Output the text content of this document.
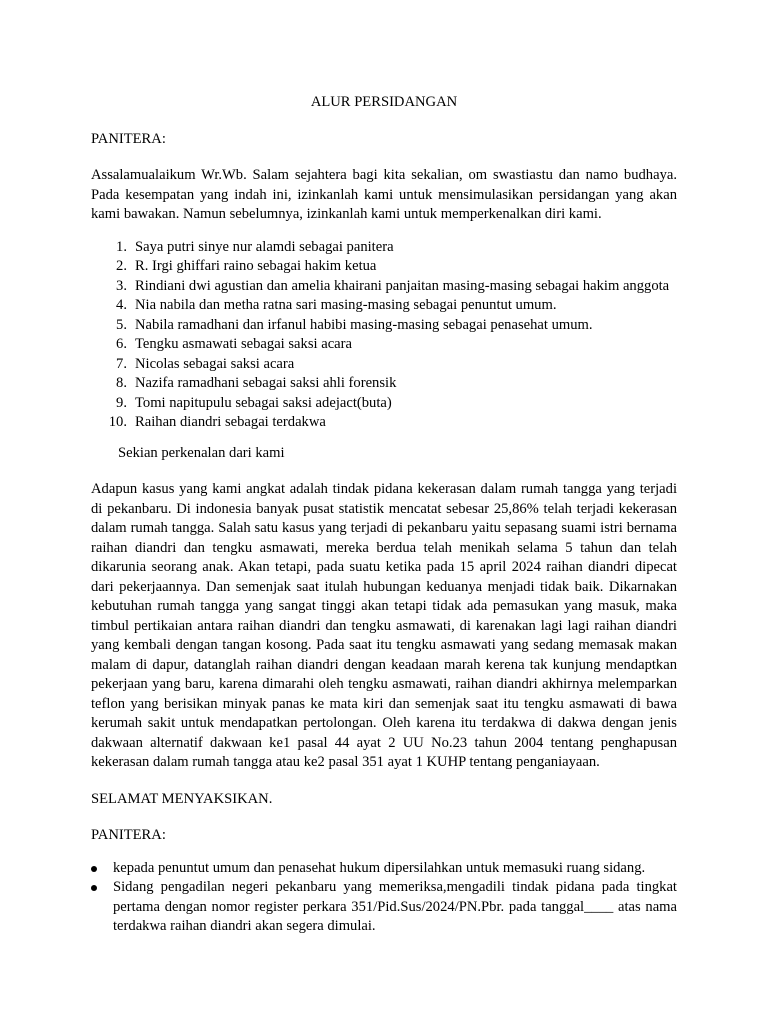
ALUR PERSIDANGAN

PANITERA:

Assalamualaikum Wr.Wb. Salam sejahtera bagi kita sekalian, om swastiastu dan namo budhaya. Pada kesempatan yang indah ini, izinkanlah kami untuk mensimulasikan persidangan yang akan kami bawakan. Namun sebelumnya, izinkanlah kami untuk memperkenalkan diri kami.

1. Saya putri sinye nur alamdi sebagai panitera
2. R. Irgi ghiffari raino sebagai hakim ketua
3. Rindiani dwi agustian dan amelia khairani panjaitan masing-masing sebagai hakim anggota
4. Nia nabila dan metha ratna sari masing-masing sebagai penuntut umum.
5. Nabila ramadhani dan irfanul habibi masing-masing sebagai penasehat umum.
6. Tengku asmawati sebagai saksi acara
7. Nicolas sebagai saksi acara
8. Nazifa ramadhani sebagai saksi ahli forensik
9. Tomi napitupulu sebagai saksi adejact(buta)
10. Raihan diandri sebagai terdakwa

Sekian perkenalan dari kami

Adapun kasus yang kami angkat adalah tindak pidana kekerasan dalam rumah tangga yang terjadi di pekanbaru. Di indonesia banyak pusat statistik mencatat sebesar 25,86% telah terjadi kekerasan dalam rumah tangga. Salah satu kasus yang terjadi di pekanbaru yaitu sepasang suami istri bernama raihan diandri dan tengku asmawati, mereka berdua telah menikah selama 5 tahun dan telah dikarunia seorang anak. Akan tetapi, pada suatu ketika pada 15 april 2024 raihan diandri dipecat dari pekerjaannya. Dan semenjak saat itulah hubungan keduanya menjadi tidak baik. Dikarnakan kebutuhan rumah tangga yang sangat tinggi akan tetapi tidak ada pemasukan yang masuk, maka timbul pertikaian antara raihan diandri dan tengku asmawati, di karenakan lagi lagi raihan diandri yang kembali dengan tangan kosong. Pada saat itu tengku asmawati yang sedang memasak makan malam di dapur, datanglah raihan diandri dengan keadaan marah kerena tak kunjung mendaptkan pekerjaan yang baru, karena dimarahi oleh tengku asmawati, raihan diandri akhirnya melemparkan teflon yang berisikan minyak panas ke mata kiri dan semenjak saat itu tengku asmawati di bawa kerumah sakit untuk mendapatkan pertolongan. Oleh karena itu terdakwa di dakwa dengan jenis dakwaan alternatif dakwaan ke1 pasal 44 ayat 2 UU No.23 tahun 2004 tentang penghapusan kekerasan dalam rumah tangga atau ke2 pasal 351 ayat 1 KUHP tentang penganiayaan.

SELAMAT MENYAKSIKAN.

PANITERA:

kepada penuntut umum dan penasehat hukum dipersilahkan untuk memasuki ruang sidang.
Sidang pengadilan negeri pekanbaru yang memeriksa,mengadili tindak pidana pada tingkat pertama dengan nomor register perkara 351/Pid.Sus/2024/PN.Pbr. pada tanggal____ atas nama terdakwa raihan diandri akan segera dimulai.
